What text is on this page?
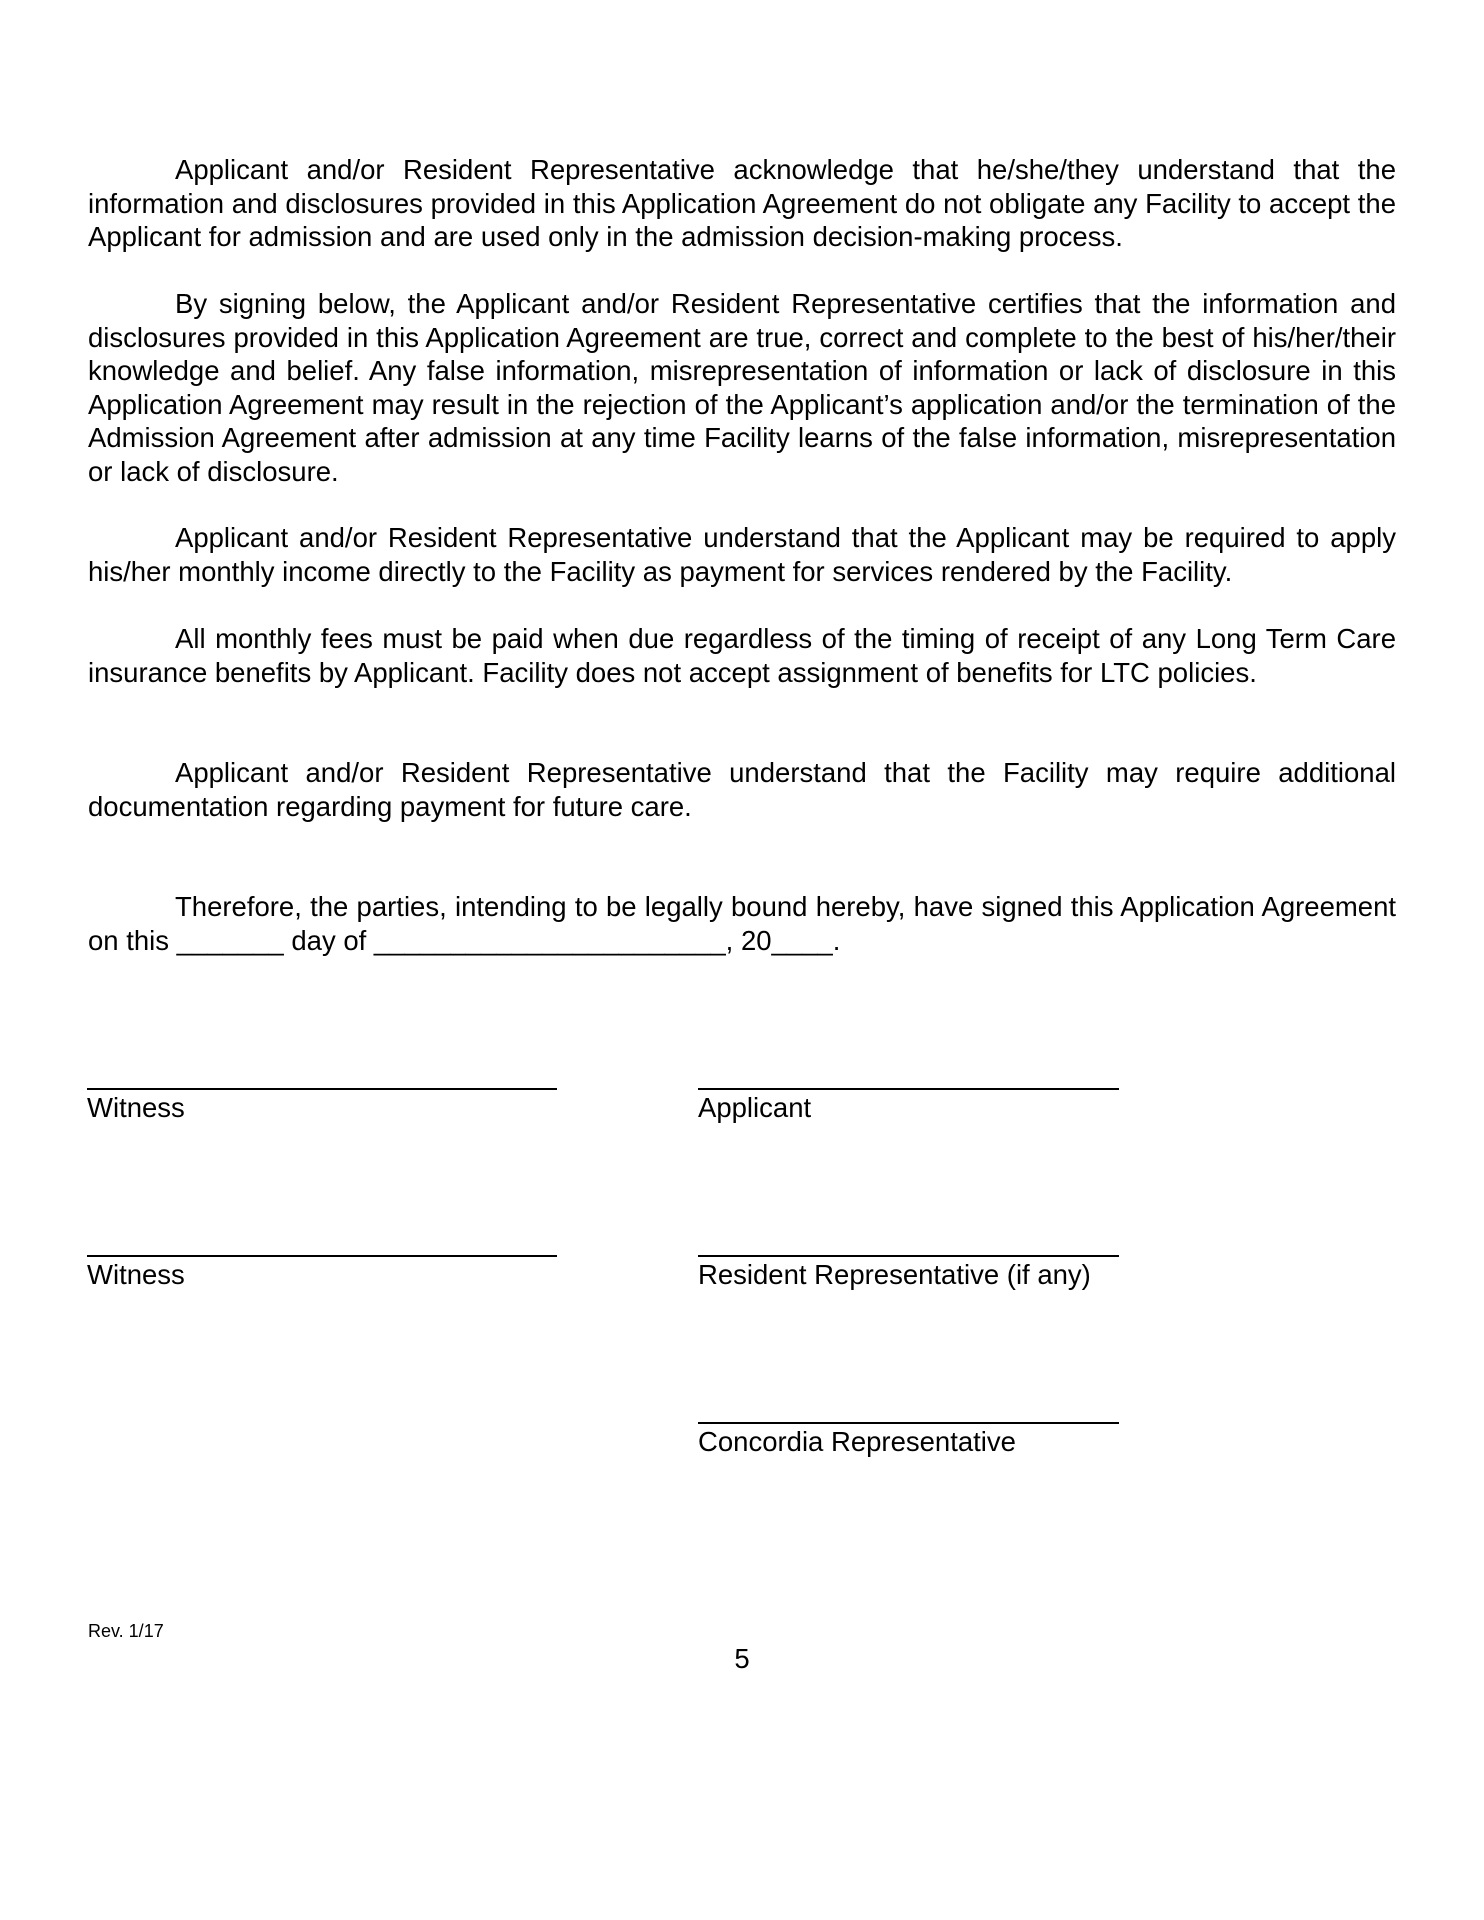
Applicant and/or Resident Representative acknowledge that he/she/they understand that the information and disclosures provided in this Application Agreement do not obligate any Facility to accept the Applicant for admission and are used only in the admission decision-making process.

By signing below, the Applicant and/or Resident Representative certifies that the information and disclosures provided in this Application Agreement are true, correct and complete to the best of his/her/their knowledge and belief. Any false information, misrepresentation of information or lack of disclosure in this Application Agreement may result in the rejection of the Applicant’s application and/or the termination of the Admission Agreement after admission at any time Facility learns of the false information, misrepresentation or lack of disclosure.

Applicant and/or Resident Representative understand that the Applicant may be required to apply his/her monthly income directly to the Facility as payment for services rendered by the Facility.

All monthly fees must be paid when due regardless of the timing of receipt of any Long Term Care insurance benefits by Applicant. Facility does not accept assignment of benefits for LTC policies.

Applicant and/or Resident Representative understand that the Facility may require additional documentation regarding payment for future care.

Therefore, the parties, intending to be legally bound hereby, have signed this Application Agreement on this _______ day of _______________________, 20____.

Witness	Applicant
Witness	Resident Representative (if any)
Concordia Representative
Rev. 1/17
5
